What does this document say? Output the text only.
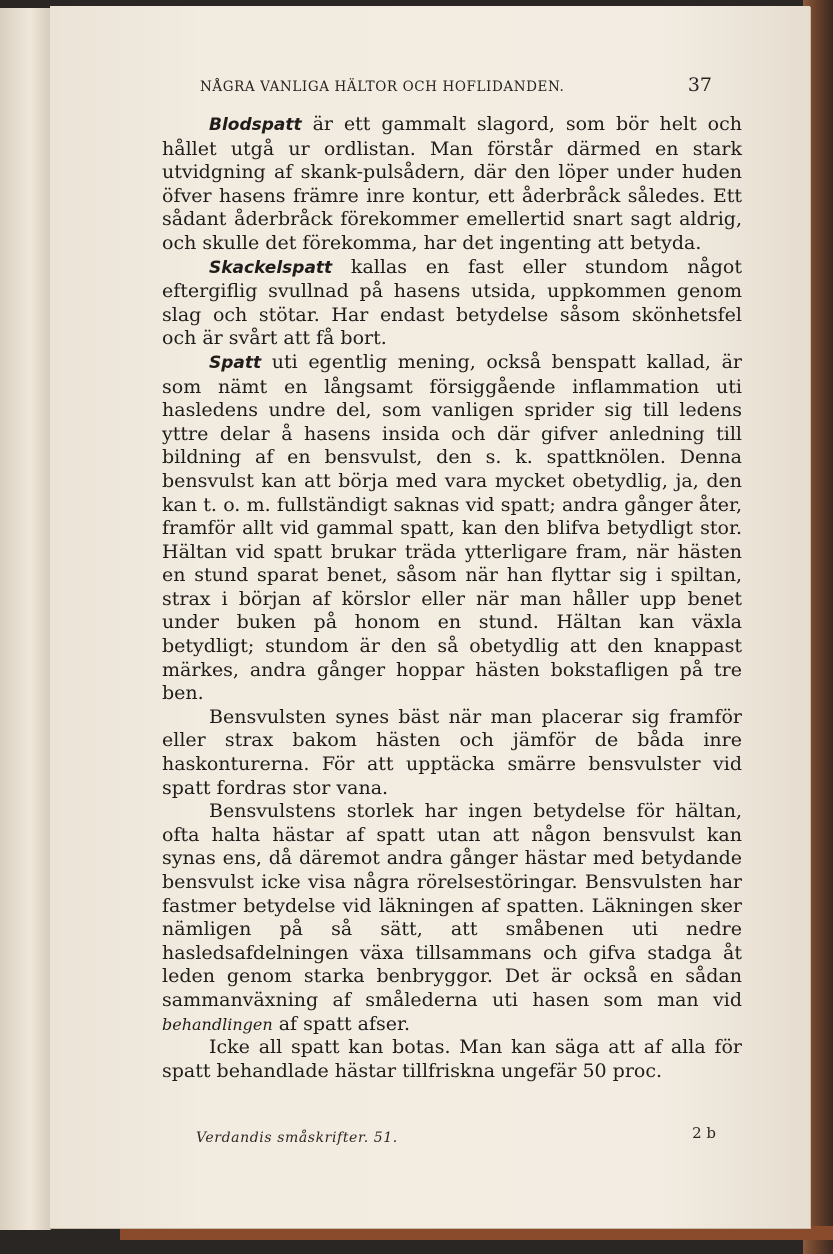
NÅGRA VANLIGA HÄLTOR OCH HOFLIDANDEN.	37

Blodspatt är ett gammalt slagord, som bör helt och hållet utgå ur ordlistan. Man förstår därmed en stark utvidgning af skank-pulsådern, där den löper under huden öfver hasens främre inre kontur, ett åderbråck således. Ett sådant åderbråck förekommer emellertid snart sagt aldrig, och skulle det förekomma, har det ingenting att betyda.

Skackelspatt kallas en fast eller stundom något eftergiflig svullnad på hasens utsida, uppkommen genom slag och stötar. Har endast betydelse såsom skönhetsfel och är svårt att få bort.

Spatt uti egentlig mening, också benspatt kallad, är som nämt en långsamt försiggående inflammation uti hasledens undre del, som vanligen sprider sig till ledens yttre delar å hasens insida och där gifver anledning till bildning af en bensvulst, den s. k. spattknölen. Denna bensvulst kan att börja med vara mycket obetydlig, ja, den kan t. o. m. fullständigt saknas vid spatt; andra gånger åter, framför allt vid gammal spatt, kan den blifva betydligt stor. Hältan vid spatt brukar träda ytterligare fram, när hästen en stund sparat benet, såsom när han flyttar sig i spiltan, strax i början af körslor eller när man håller upp benet under buken på honom en stund. Hältan kan växla betydligt; stundom är den så obetydlig att den knappast märkes, andra gånger hoppar hästen bokstafligen på tre ben.

Bensvulsten synes bäst när man placerar sig framför eller strax bakom hästen och jämför de båda inre haskonturerna. För att upptäcka smärre bensvulster vid spatt fordras stor vana.

Bensvulstens storlek har ingen betydelse för hältan, ofta halta hästar af spatt utan att någon bensvulst kan synas ens, då däremot andra gånger hästar med betydande bensvulst icke visa några rörelsestöringar. Bensvulsten har fastmer betydelse vid läkningen af spatten. Läkningen sker nämligen på så sätt, att småbenen uti nedre hasledsafdelningen växa tillsammans och gifva stadga åt leden genom starka benbryggor. Det är också en sådan sammanväxning af smålederna uti hasen som man vid behandlingen af spatt afser.

Icke all spatt kan botas. Man kan säga att af alla för spatt behandlade hästar tillfriskna ungefär 50 proc.

Verdandis småskrifter. 51.	2 b
